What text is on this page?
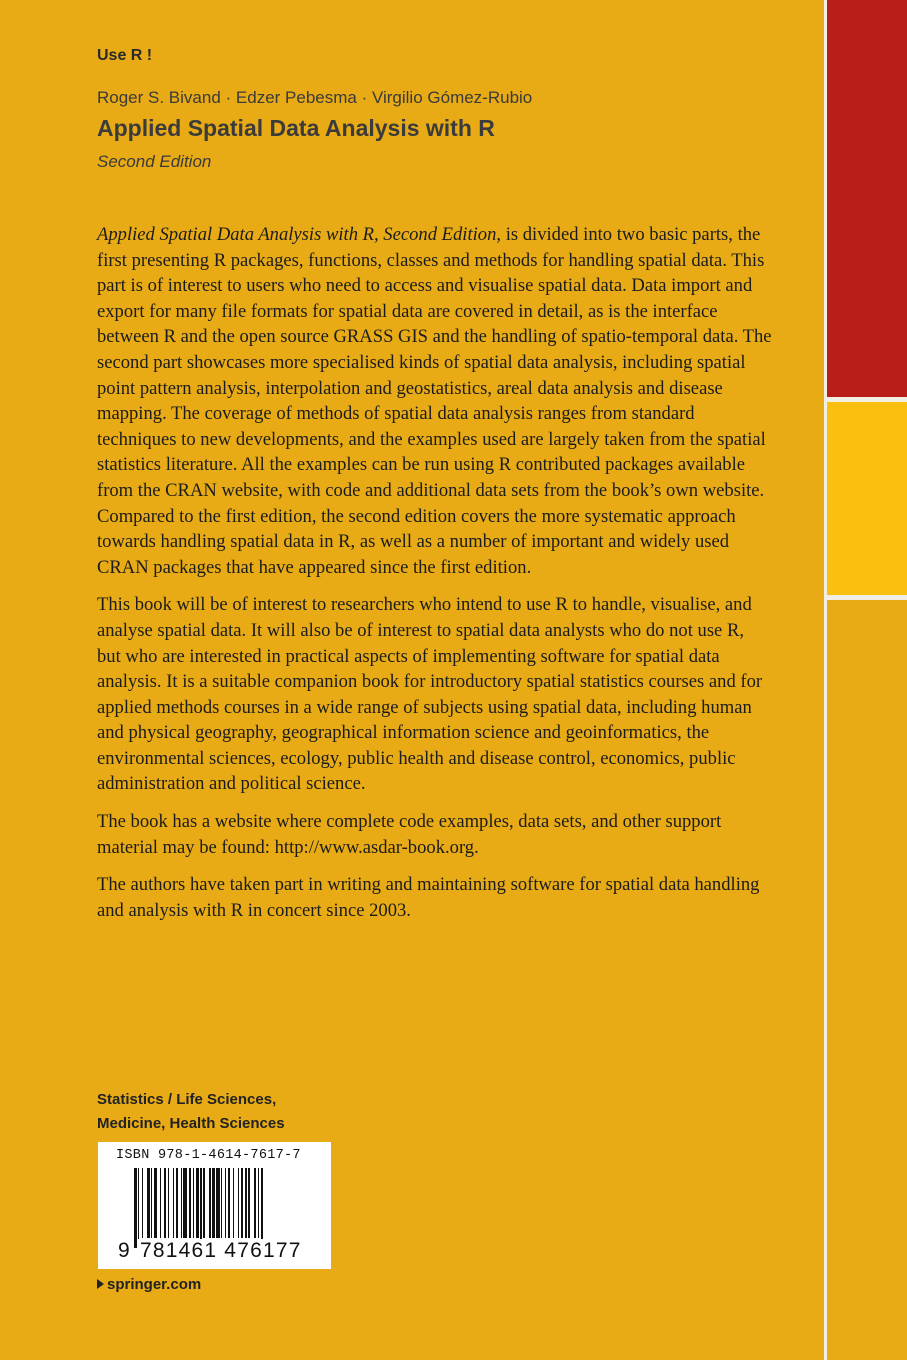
Use R !
Roger S. Bivand · Edzer Pebesma · Virgilio Gómez-Rubio
Applied Spatial Data Analysis with R
Second Edition

Applied Spatial Data Analysis with R, Second Edition, is divided into two basic parts, the first presenting R packages, functions, classes and methods for handling spatial data. This part is of interest to users who need to access and visualise spatial data. Data import and export for many file formats for spatial data are covered in detail, as is the interface between R and the open source GRASS GIS and the handling of spatio-temporal data. The second part showcases more specialised kinds of spatial data analysis, including spatial point pattern analysis, interpolation and geostatistics, areal data analysis and disease mapping. The coverage of methods of spatial data analysis ranges from standard techniques to new developments, and the examples used are largely taken from the spatial statistics literature. All the examples can be run using R contributed packages available from the CRAN website, with code and additional data sets from the book’s own website. Compared to the first edition, the second edition covers the more systematic approach towards handling spatial data in R, as well as a number of important and widely used CRAN packages that have appeared since the first edition.

This book will be of interest to researchers who intend to use R to handle, visualise, and analyse spatial data. It will also be of interest to spatial data analysts who do not use R, but who are interested in practical aspects of implementing software for spatial data analysis. It is a suitable companion book for introductory spatial statistics courses and for applied methods courses in a wide range of subjects using spatial data, including human and physical geography, geographical information science and geoinformatics, the environmental sciences, ecology, public health and disease control, economics, public administration and political science.

The book has a website where complete code examples, data sets, and other support material may be found: http://www.asdar-book.org.

The authors have taken part in writing and maintaining software for spatial data handling and analysis with R in concert since 2003.

Statistics / Life Sciences,
Medicine, Health Sciences
ISBN 978-1-4614-7617-7
9 781461 476177
springer.com
